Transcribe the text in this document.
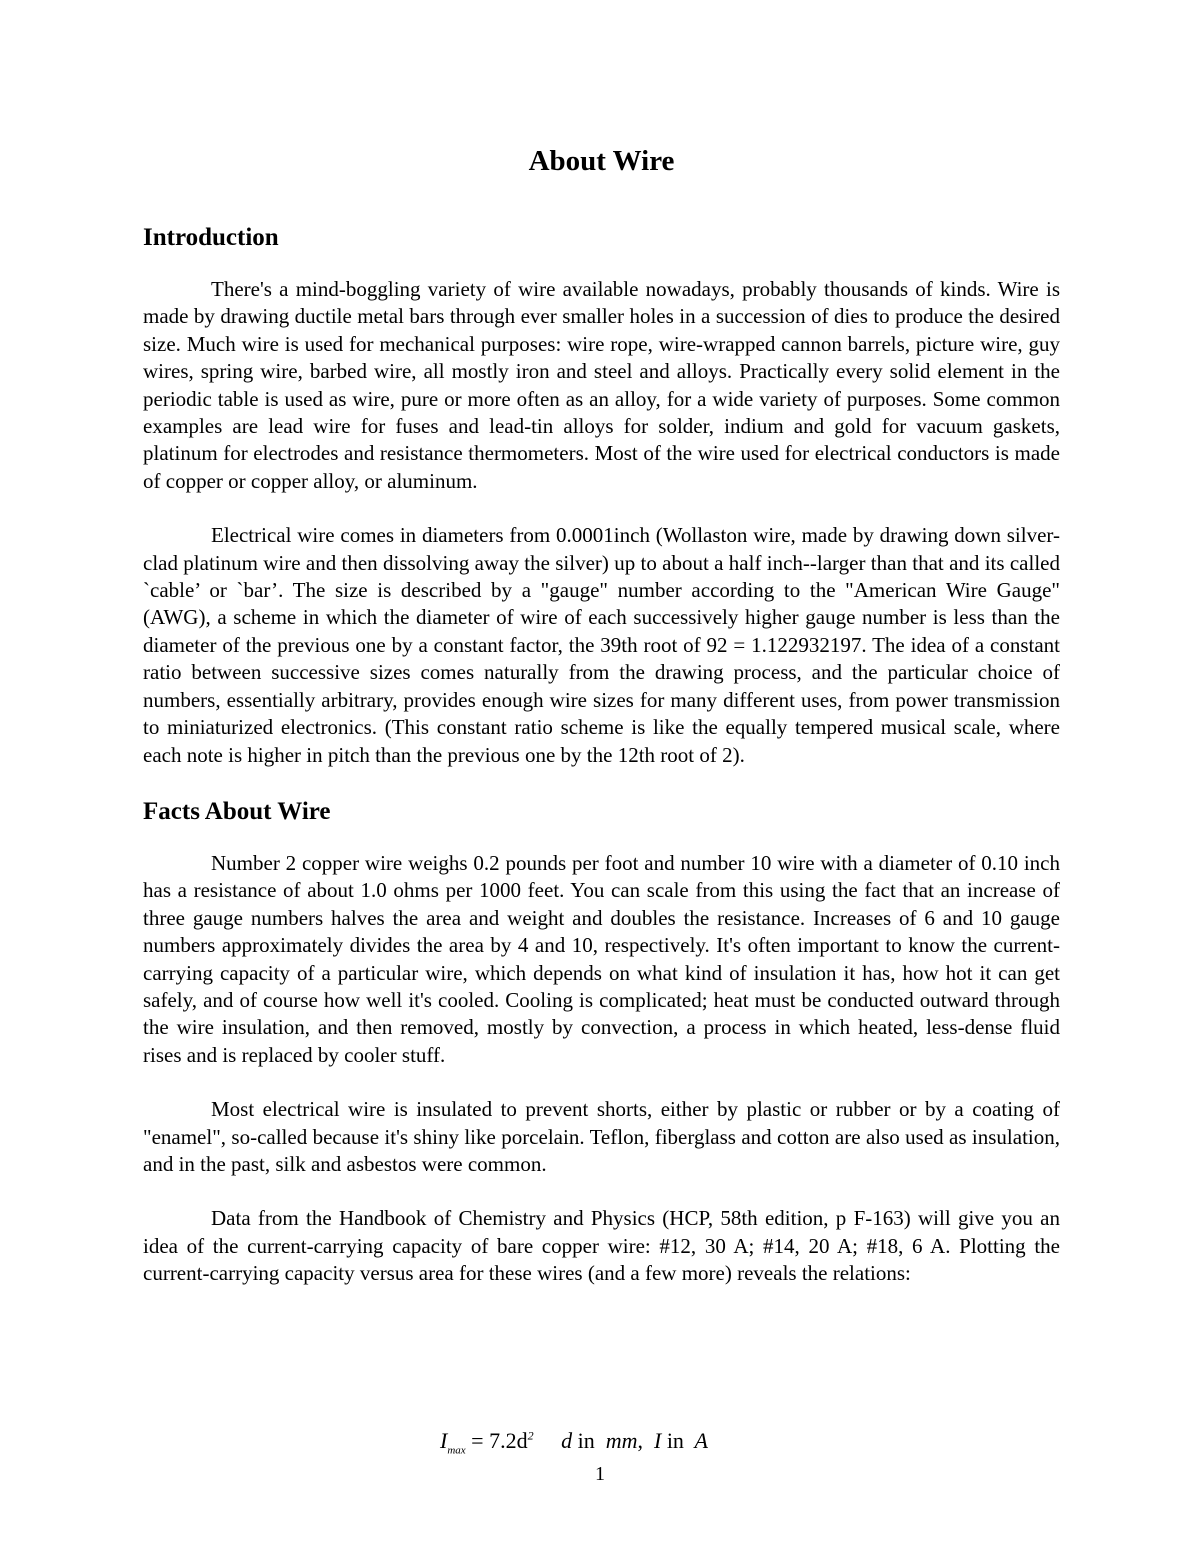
About Wire
Introduction

There's a mind-boggling variety of wire available nowadays, probably thousands of kinds. Wire is made by drawing ductile metal bars through ever smaller holes in a succession of dies to produce the desired size. Much wire is used for mechanical purposes: wire rope, wire-wrapped cannon barrels, picture wire, guy wires, spring wire, barbed wire, all mostly iron and steel and alloys. Practically every solid element in the periodic table is used as wire, pure or more often as an alloy, for a wide variety of purposes. Some common examples are lead wire for fuses and lead-tin alloys for solder, indium and gold for vacuum gaskets, platinum for electrodes and resistance thermometers. Most of the wire used for electrical conductors is made of copper or copper alloy, or aluminum.

Electrical wire comes in diameters from 0.0001inch (Wollaston wire, made by drawing down silver-clad platinum wire and then dissolving away the silver) up to about a half inch--larger than that and its called `cable’ or `bar’. The size is described by a "gauge" number according to the "American Wire Gauge" (AWG), a scheme in which the diameter of wire of each successively higher gauge number is less than the diameter of the previous one by a constant factor, the 39th root of 92 = 1.122932197. The idea of a constant ratio between successive sizes comes naturally from the drawing process, and the particular choice of numbers, essentially arbitrary, provides enough wire sizes for many different uses, from power transmission to miniaturized electronics. (This constant ratio scheme is like the equally tempered musical scale, where each note is higher in pitch than the previous one by the 12th root of 2).

Facts About Wire

Number 2 copper wire weighs 0.2 pounds per foot and number 10 wire with a diameter of 0.10 inch has a resistance of about 1.0 ohms per 1000 feet. You can scale from this using the fact that an increase of three gauge numbers halves the area and weight and doubles the resistance. Increases of 6 and 10 gauge numbers approximately divides the area by 4 and 10, respectively. It's often important to know the current-carrying capacity of a particular wire, which depends on what kind of insulation it has, how hot it can get safely, and of course how well it's cooled. Cooling is complicated; heat must be conducted outward through the wire insulation, and then removed, mostly by convection, a process in which heated, less-dense fluid rises and is replaced by cooler stuff.

Most electrical wire is insulated to prevent shorts, either by plastic or rubber or by a coating of "enamel", so-called because it's shiny like porcelain. Teflon, fiberglass and cotton are also used as insulation, and in the past, silk and asbestos were common.

Data from the Handbook of Chemistry and Physics (HCP, 58th edition, p F-163) will give you an idea of the current-carrying capacity of bare copper wire: #12, 30 A; #14, 20 A; #18, 6 A. Plotting the current-carrying capacity versus area for these wires (and a few more) reveals the relations:

$I_{max} = 7.2d^2$ d in mm, I in A
1
